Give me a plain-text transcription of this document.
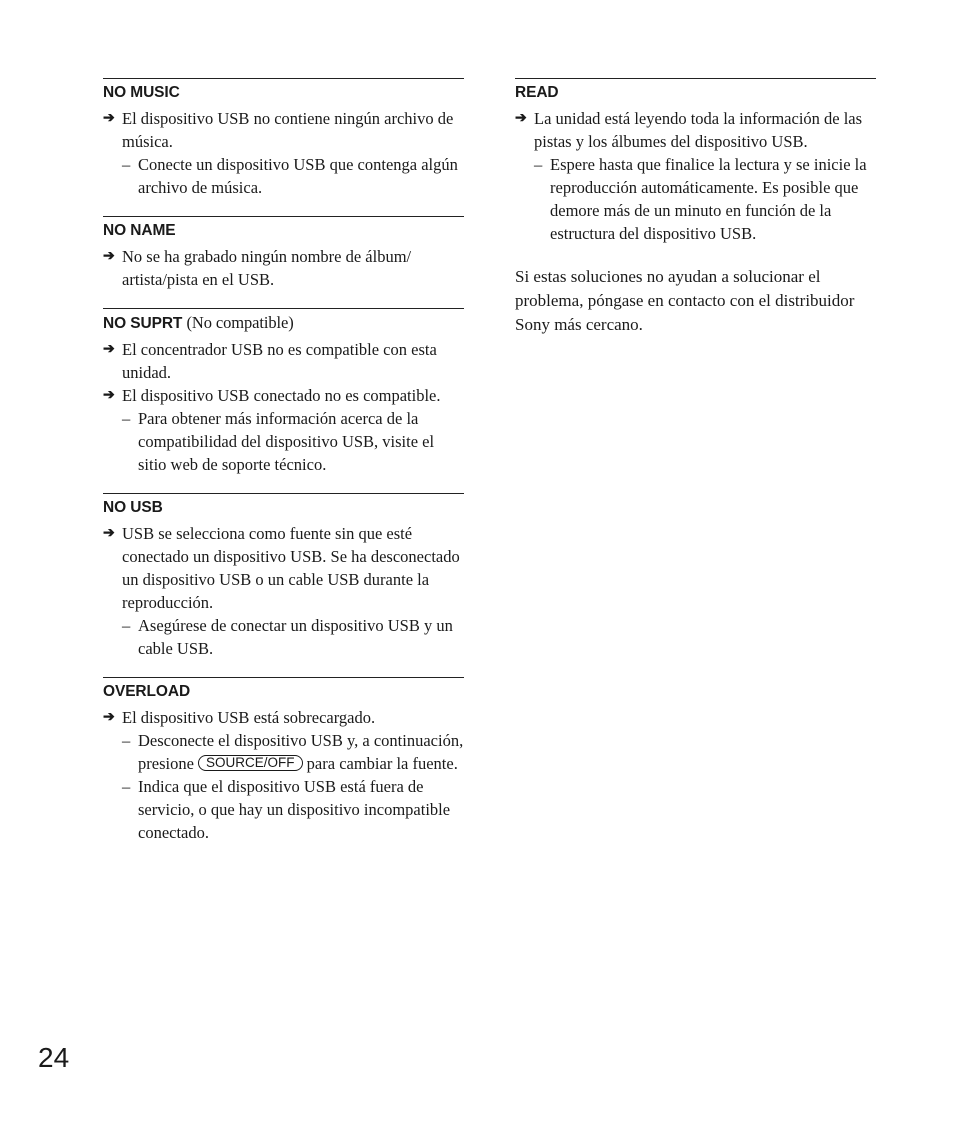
NO MUSIC
➔ El dispositivo USB no contiene ningún archivo de música.
– Conecte un dispositivo USB que contenga algún archivo de música.
NO NAME
➔ No se ha grabado ningún nombre de álbum/ artista/pista en el USB.
NO SUPRT (No compatible)
➔ El concentrador USB no es compatible con esta unidad.
➔ El dispositivo USB conectado no es compatible.
– Para obtener más información acerca de la compatibilidad del dispositivo USB, visite el sitio web de soporte técnico.
NO USB
➔ USB se selecciona como fuente sin que esté conectado un dispositivo USB. Se ha desconectado un dispositivo USB o un cable USB durante la reproducción.
– Asegúrese de conectar un dispositivo USB y un cable USB.
OVERLOAD
➔ El dispositivo USB está sobrecargado.
– Desconecte el dispositivo USB y, a continuación, presione SOURCE/OFF para cambiar la fuente.
– Indica que el dispositivo USB está fuera de servicio, o que hay un dispositivo incompatible conectado.
READ
➔ La unidad está leyendo toda la información de las pistas y los álbumes del dispositivo USB.
– Espere hasta que finalice la lectura y se inicie la reproducción automáticamente. Es posible que demore más de un minuto en función de la estructura del dispositivo USB.
Si estas soluciones no ayudan a solucionar el problema, póngase en contacto con el distribuidor Sony más cercano.
24
